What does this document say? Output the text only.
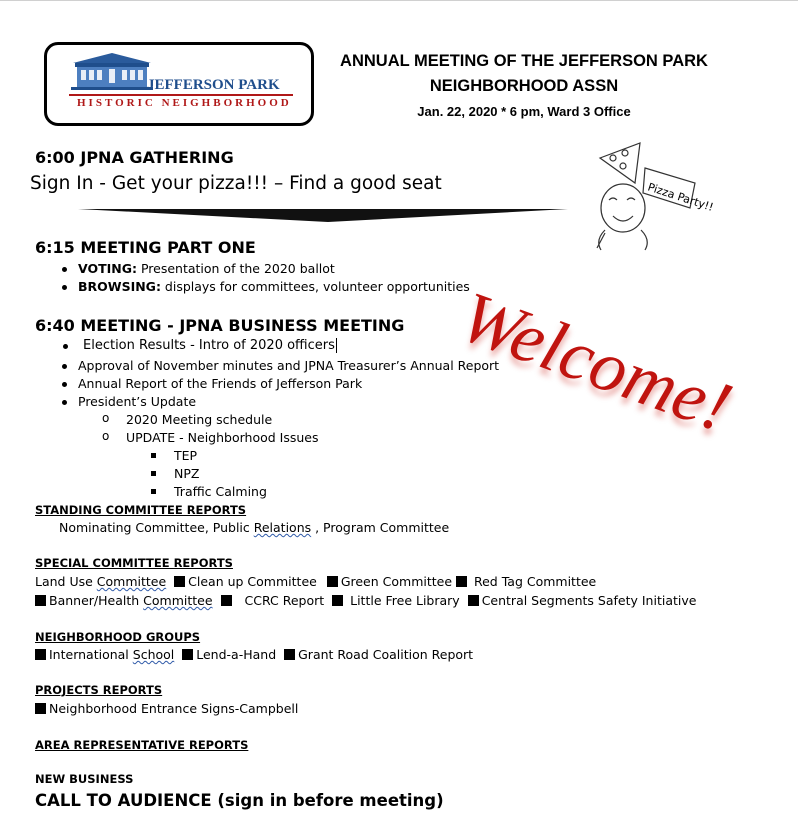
JEFFERSON PARK
HISTORIC NEIGHBORHOOD
ANNUAL MEETING OF THE JEFFERSON PARK
NEIGHBORHOOD ASSN
Jan. 22, 2020 * 6 pm, Ward 3 Office
Pizza Party!!
Welcome!
6:00 JPNA GATHERING
Sign In - Get your pizza!!! – Find a good seat
6:15 MEETING PART ONE
VOTING: Presentation of the 2020 ballot
BROWSING: displays for committees, volunteer opportunities
6:40 MEETING - JPNA BUSINESS MEETING
Election Results - Intro of 2020 officers
Approval of November minutes and JPNA Treasurer’s Annual Report
Annual Report of the Friends of Jefferson Park
President’s Update
o 2020 Meeting schedule
o UPDATE - Neighborhood Issues
TEP
NPZ
Traffic Calming
STANDING COMMITTEE REPORTS
Nominating Committee, Public Relations , Program Committee
SPECIAL COMMITTEE REPORTS
Land Use Committee Clean up Committee Green Committee  Red Tag Committee
Banner/Health Committee  CCRC Report  Little Free Library Central Segments Safety Initiative
NEIGHBORHOOD GROUPS
International School Lend-a-Hand Grant Road Coalition Report
PROJECTS REPORTS
Neighborhood Entrance Signs-Campbell
AREA REPRESENTATIVE REPORTS
NEW BUSINESS
CALL TO AUDIENCE (sign in before meeting)
